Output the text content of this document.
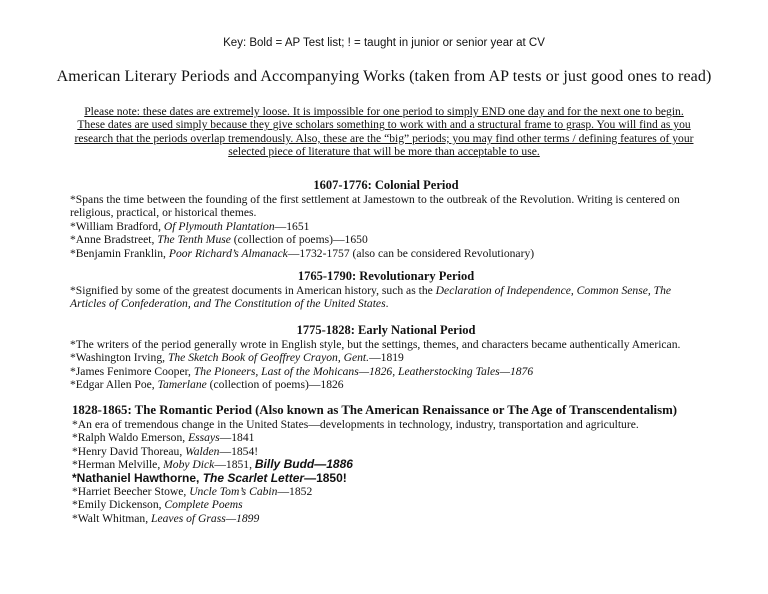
Key: Bold = AP Test list; ! = taught in junior or senior year at CV
American Literary Periods and Accompanying Works (taken from AP tests or just good ones to read)
Please note: these dates are extremely loose. It is impossible for one period to simply END one day and for the next one to begin.
These dates are used simply because they give scholars something to work with and a structural frame to grasp. You will find as you
research that the periods overlap tremendously. Also, these are the “big” periods; you may find other terms / defining features of your
selected piece of literature that will be more than acceptable to use.
1607-1776: Colonial Period
*Spans the time between the founding of the first settlement at Jamestown to the outbreak of the Revolution. Writing is centered on
religious, practical, or historical themes.
*William Bradford, Of Plymouth Plantation—1651
*Anne Bradstreet, The Tenth Muse (collection of poems)—1650
*Benjamin Franklin, Poor Richard’s Almanack—1732-1757 (also can be considered Revolutionary)
1765-1790: Revolutionary Period
*Signified by some of the greatest documents in American history, such as the Declaration of Independence, Common Sense, The
Articles of Confederation, and The Constitution of the United States.
1775-1828: Early National Period
*The writers of the period generally wrote in English style, but the settings, themes, and characters became authentically American.
*Washington Irving, The Sketch Book of Geoffrey Crayon, Gent.—1819
*James Fenimore Cooper, The Pioneers, Last of the Mohicans—1826, Leatherstocking Tales—1876
*Edgar Allen Poe, Tamerlane (collection of poems)—1826
1828-1865: The Romantic Period (Also known as The American Renaissance or The Age of Transcendentalism)
*An era of tremendous change in the United States—developments in technology, industry, transportation and agriculture.
*Ralph Waldo Emerson, Essays—1841
*Henry David Thoreau, Walden—1854!
*Herman Melville, Moby Dick—1851, Billy Budd—1886
*Nathaniel Hawthorne, The Scarlet Letter—1850!
*Harriet Beecher Stowe, Uncle Tom’s Cabin—1852
*Emily Dickenson, Complete Poems
*Walt Whitman, Leaves of Grass—1899
